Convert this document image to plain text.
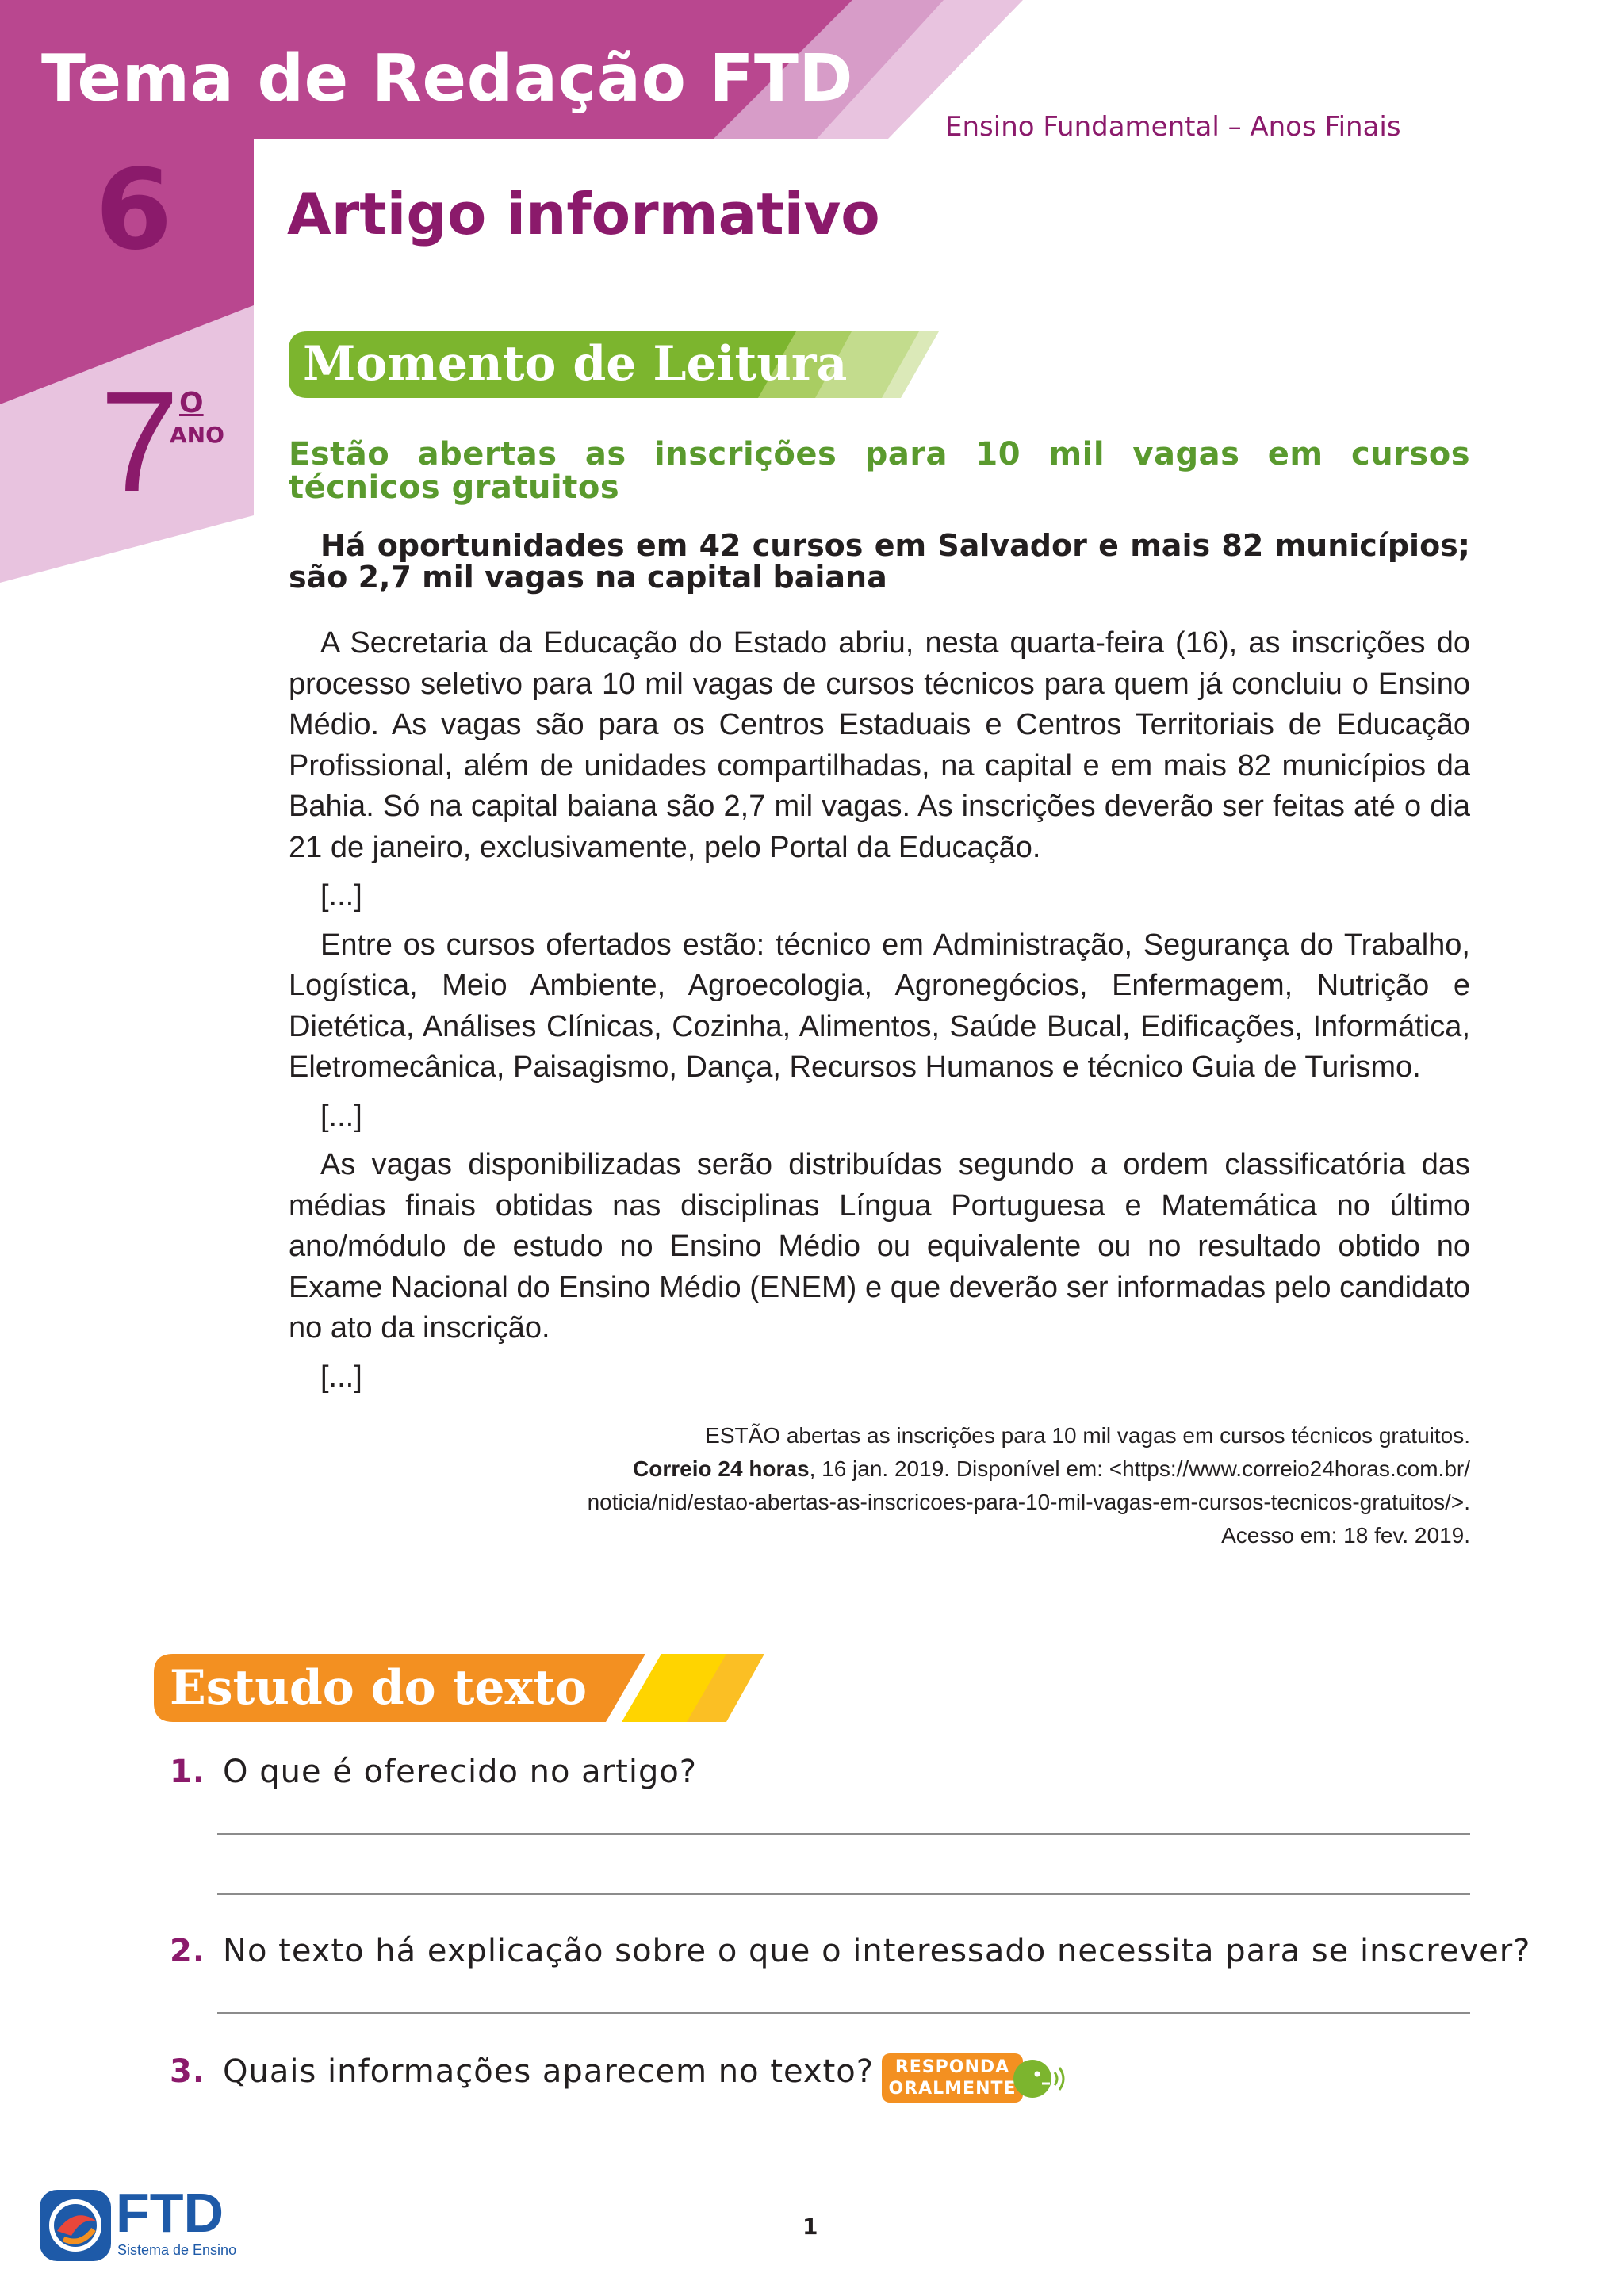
Tema de Redação FTD
Ensino Fundamental – Anos Finais
6
7 O
ANO
Artigo informativo
Momento de Leitura
Estão abertas as inscrições para 10 mil vagas em cursos técnicos gratuitos
Há oportunidades em 42 cursos em Salvador e mais 82 municípios; são 2,7 mil vagas na capital baiana

A Secretaria da Educação do Estado abriu, nesta quarta-feira (16), as inscrições do processo seletivo para 10 mil vagas de cursos técnicos para quem já concluiu o Ensino Médio. As vagas são para os Centros Estaduais e Centros Territoriais de Educação Profissional, além de unidades compartilhadas, na capital e em mais 82 municípios da Bahia. Só na capital baiana são 2,7 mil vagas. As inscrições deverão ser feitas até o dia 21 de janeiro, exclusivamente, pelo Portal da Educação.

[...]

Entre os cursos ofertados estão: técnico em Administração, Segurança do Trabalho, Logística, Meio Ambiente, Agroecologia, Agronegócios, Enfermagem, Nutrição e Dietética, Análises Clínicas, Cozinha, Alimentos, Saúde Bucal, Edificações, Informática, Eletromecânica, Paisagismo, Dança, Recursos Humanos e técnico Guia de Turismo.

[...]

As vagas disponibilizadas serão distribuídas segundo a ordem classificatória das médias finais obtidas nas disciplinas Língua Portuguesa e Matemática no último ano/módulo de estudo no Ensino Médio ou equivalente ou no resultado obtido no Exame Nacional do Ensino Médio (ENEM) e que deverão ser informadas pelo candidato no ato da inscrição.

[...]

ESTÃO abertas as inscrições para 10 mil vagas em cursos técnicos gratuitos.
Correio 24 horas, 16 jan. 2019. Disponível em: <https://www.correio24horas.com.br/
noticia/nid/estao-abertas-as-inscricoes-para-10-mil-vagas-em-cursos-tecnicos-gratuitos/>.
Acesso em: 18 fev. 2019.
Estudo do texto
1. O que é oferecido no artigo?
2. No texto há explicação sobre o que o interessado necessita para se inscrever?
3. Quais informações aparecem no texto?	RESPONDA
ORALMENTE
FTD
Sistema de Ensino
1
